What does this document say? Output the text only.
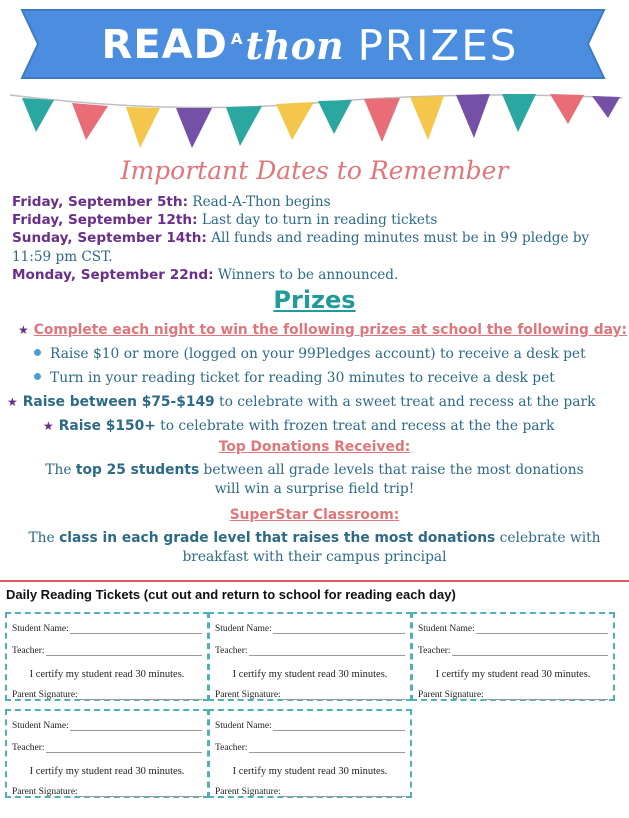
READ A thon PRIZES
Important Dates to Remember
Friday, September 5th: Read-A-Thon begins
Friday, September 12th: Last day to turn in reading tickets
Sunday, September 14th: All funds and reading minutes must be in 99 pledge by 11:59 pm CST.
Monday, September 22nd: Winners to be announced.
Prizes
★ Complete each night to win the following prizes at school the following day:
Raise $10 or more (logged on your 99Pledges account) to receive a desk pet
Turn in your reading ticket for reading 30 minutes to receive a desk pet
★ Raise between $75-$149 to celebrate with a sweet treat and recess at the park
★ Raise $150+ to celebrate with frozen treat and recess at the the park
Top Donations Received:
The top 25 students between all grade levels that raise the most donations will win a surprise field trip!
SuperStar Classroom:
The class in each grade level that raises the most donations celebrate with breakfast with their campus principal
Daily Reading Tickets (cut out and return to school for reading each day)
Student Name:
Teacher:
I certify my student read 30 minutes.
Parent Signature:
Student Name:
Teacher:
I certify my student read 30 minutes.
Parent Signature:
Student Name:
Teacher:
I certify my student read 30 minutes.
Parent Signature:
Student Name:
Teacher:
I certify my student read 30 minutes.
Parent Signature:
Student Name:
Teacher:
I certify my student read 30 minutes.
Parent Signature:
